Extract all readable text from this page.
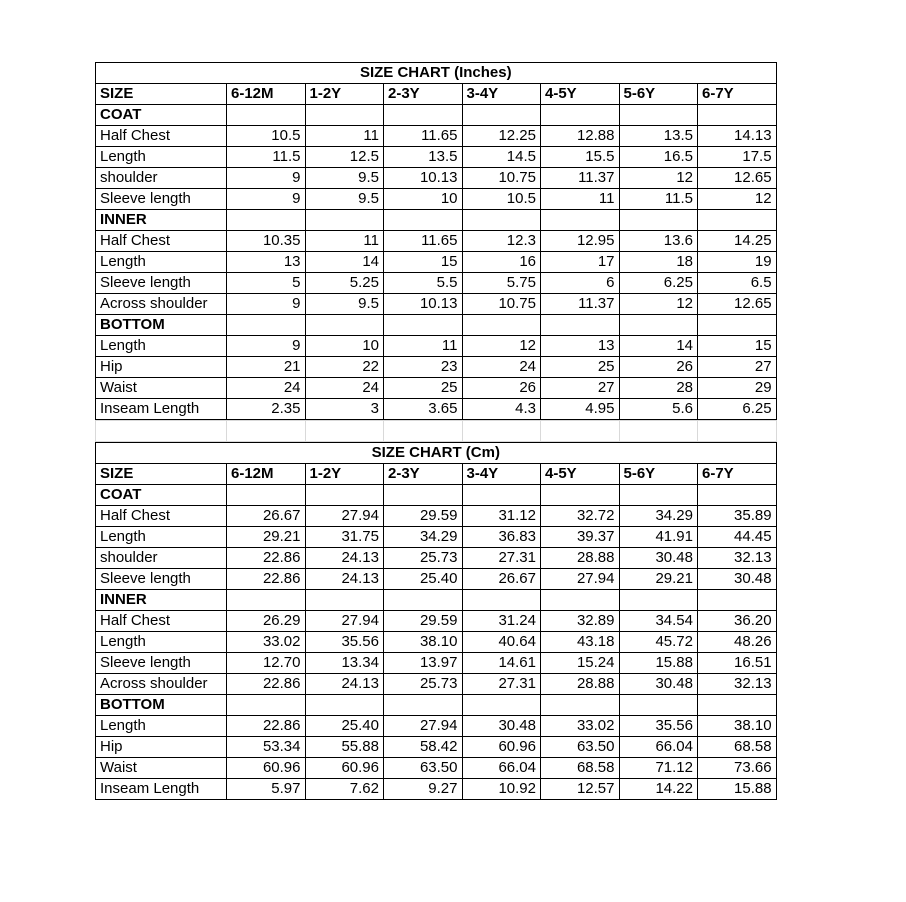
SIZE CHART (Inches)							
SIZE	6-12M	1-2Y	2-3Y	3-4Y	4-5Y	5-6Y	6-7Y
COAT							
Half Chest	10.5	11	11.65	12.25	12.88	13.5	14.13
Length	11.5	12.5	13.5	14.5	15.5	16.5	17.5
shoulder	9	9.5	10.13	10.75	11.37	12	12.65
Sleeve length	9	9.5	10	10.5	11	11.5	12
INNER							
Half Chest	10.35	11	11.65	12.3	12.95	13.6	14.25
Length	13	14	15	16	17	18	19
Sleeve length	5	5.25	5.5	5.75	6	6.25	6.5
Across shoulder	9	9.5	10.13	10.75	11.37	12	12.65
BOTTOM							
Length	9	10	11	12	13	14	15
Hip	21	22	23	24	25	26	27
Waist	24	24	25	26	27	28	29
Inseam Length	2.35	3	3.65	4.3	4.95	5.6	6.25

SIZE CHART (Cm)							
SIZE	6-12M	1-2Y	2-3Y	3-4Y	4-5Y	5-6Y	6-7Y
COAT							
Half Chest	26.67	27.94	29.59	31.12	32.72	34.29	35.89
Length	29.21	31.75	34.29	36.83	39.37	41.91	44.45
shoulder	22.86	24.13	25.73	27.31	28.88	30.48	32.13
Sleeve length	22.86	24.13	25.40	26.67	27.94	29.21	30.48
INNER							
Half Chest	26.29	27.94	29.59	31.24	32.89	34.54	36.20
Length	33.02	35.56	38.10	40.64	43.18	45.72	48.26
Sleeve length	12.70	13.34	13.97	14.61	15.24	15.88	16.51
Across shoulder	22.86	24.13	25.73	27.31	28.88	30.48	32.13
BOTTOM							
Length	22.86	25.40	27.94	30.48	33.02	35.56	38.10
Hip	53.34	55.88	58.42	60.96	63.50	66.04	68.58
Waist	60.96	60.96	63.50	66.04	68.58	71.12	73.66
Inseam Length	5.97	7.62	9.27	10.92	12.57	14.22	15.88
